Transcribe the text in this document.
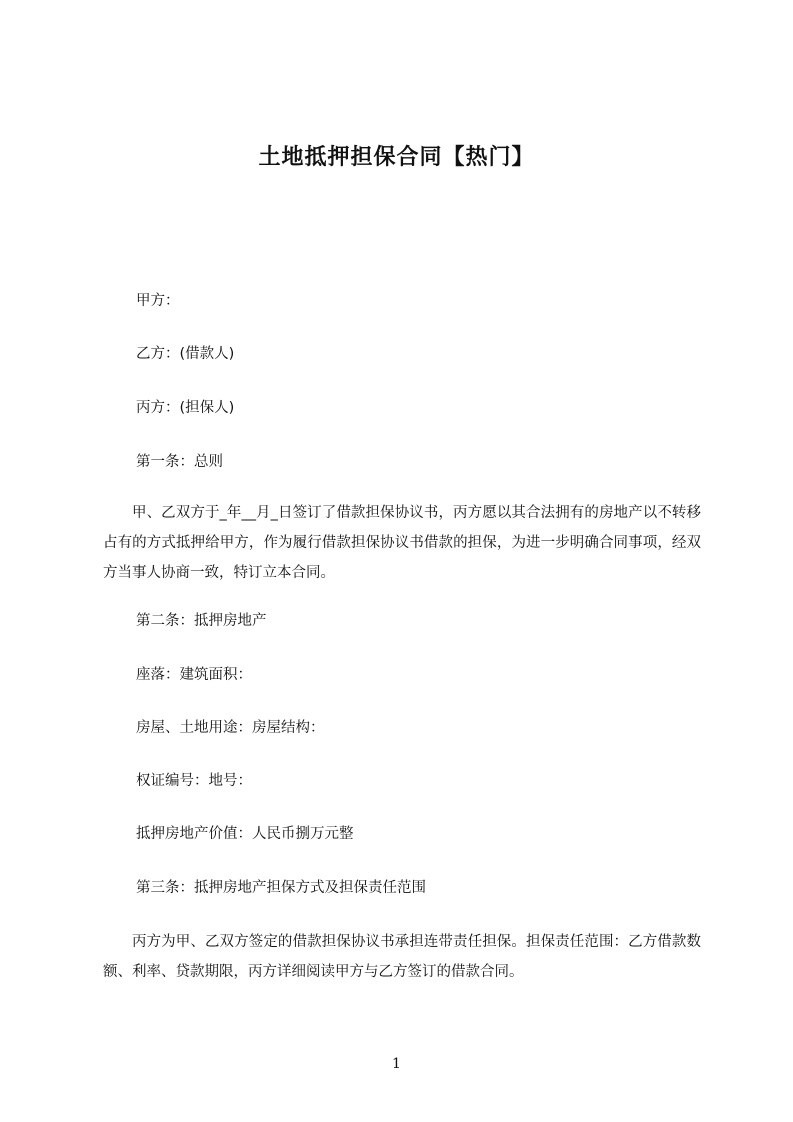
土地抵押担保合同【热门】

甲方：

乙方：(借款人)

丙方：(担保人)

第一条：总则

甲、乙双方于_年__月_日签订了借款担保协议书，丙方愿以其合法拥有的房地产以不转移占有的方式抵押给甲方，作为履行借款担保协议书借款的担保，为进一步明确合同事项，经双方当事人协商一致，特订立本合同。

第二条：抵押房地产

座落：建筑面积：

房屋、土地用途：房屋结构：

权证编号：地号：

抵押房地产价值：人民币捌万元整

第三条：抵押房地产担保方式及担保责任范围

丙方为甲、乙双方签定的借款担保协议书承担连带责任担保。担保责任范围：乙方借款数额、利率、贷款期限，丙方详细阅读甲方与乙方签订的借款合同。

1
